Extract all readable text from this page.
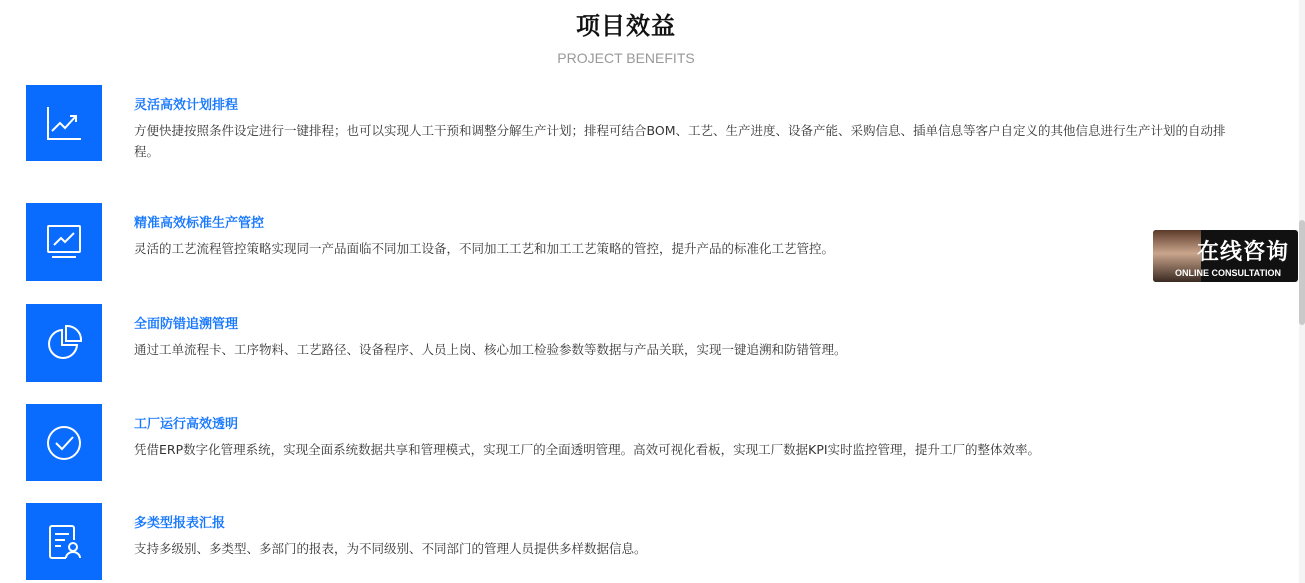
项目效益
PROJECT BENEFITS
灵活高效计划排程
方便快捷按照条件设定进行一键排程；也可以实现人工干预和调整分解生产计划；排程可结合BOM、工艺、生产进度、设备产能、采购信息、插单信息等客户自定义的其他信息进行生产计划的自动排程。
精准高效标准生产管控
灵活的工艺流程管控策略实现同一产品面临不同加工设备，不同加工工艺和加工工艺策略的管控，提升产品的标准化工艺管控。
全面防错追溯管理
通过工单流程卡、工序物料、工艺路径、设备程序、人员上岗、核心加工检验参数等数据与产品关联，实现一键追溯和防错管理。
工厂运行高效透明
凭借ERP数字化管理系统，实现全面系统数据共享和管理模式，实现工厂的全面透明管理。高效可视化看板，实现工厂数据KPI实时监控管理，提升工厂的整体效率。
多类型报表汇报
支持多级别、多类型、多部门的报表，为不同级别、不同部门的管理人员提供多样数据信息。
在线咨询
ONLINE CONSULTATION
